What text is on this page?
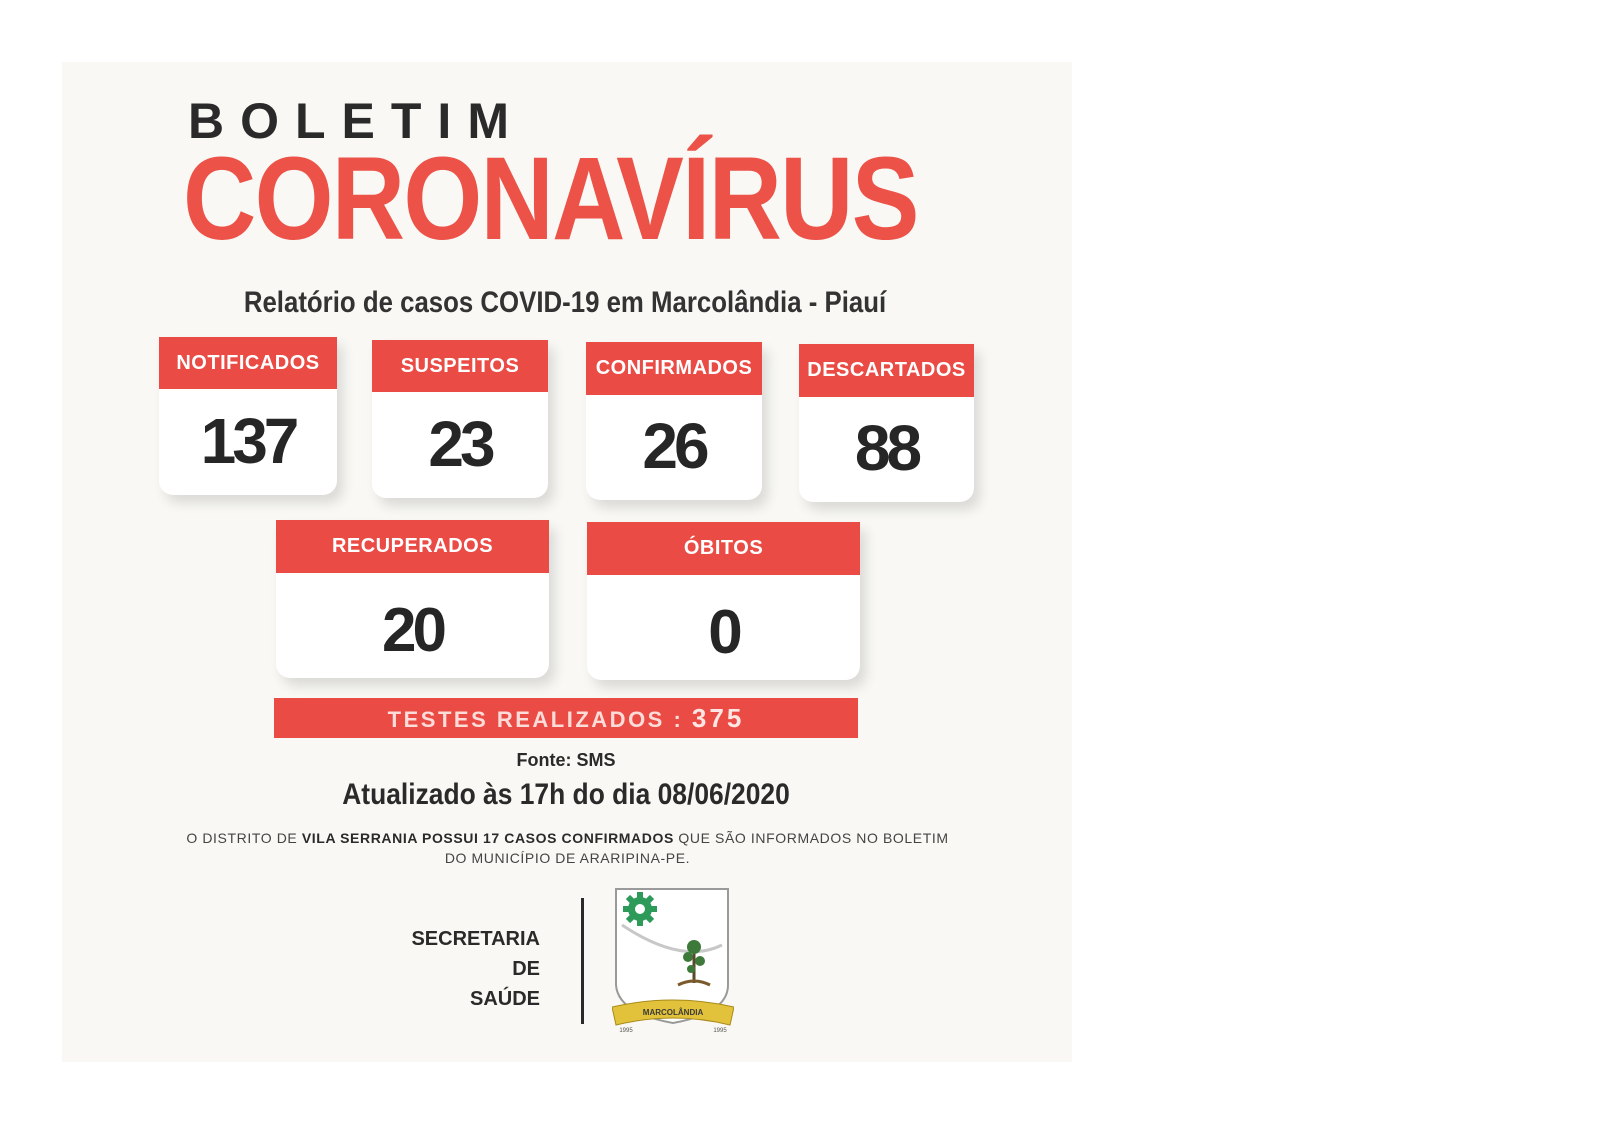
BOLETIM
CORONAVÍRUS
Relatório de casos COVID-19 em Marcolândia - Piauí
NOTIFICADOS
137
SUSPEITOS
23
CONFIRMADOS
26
DESCARTADOS
88
RECUPERADOS
20
ÓBITOS
0
TESTES REALIZADOS : 375
Fonte: SMS
Atualizado às 17h do dia 08/06/2020
O DISTRITO DE VILA SERRANIA POSSUI 17 CASOS CONFIRMADOS QUE SÃO INFORMADOS NO BOLETIM DO MUNICÍPIO DE ARARIPINA-PE.
SECRETARIA DE
SAÚDE
MARCOLÂNDIA
1995	1995
